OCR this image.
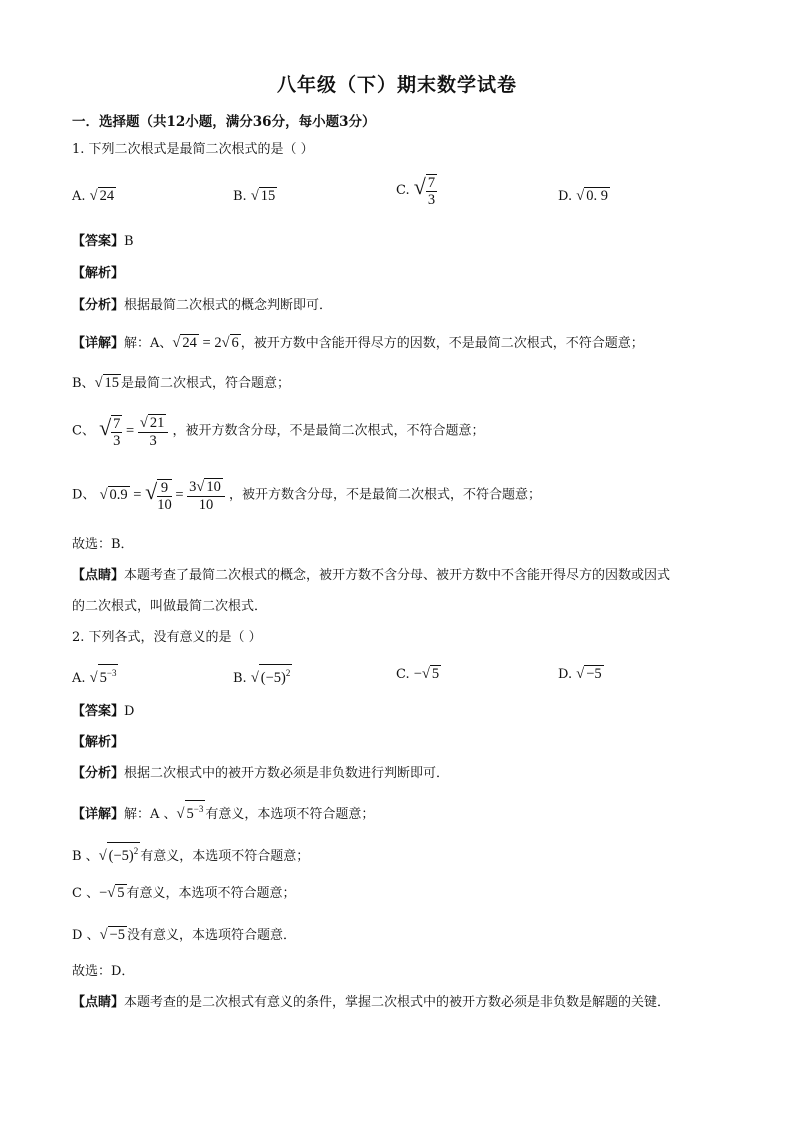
八年级（下）期末数学试卷
一．选择题（共12小题，满分36分，每小题3分）
1. 下列二次根式是最简二次根式的是（ ）
A. √ 24	B. √ 15	C. √ $\frac{7}{3}$	D. √ 0. 9
【答案】B
【解析】
【分析】根据最简二次根式的概念判断即可．
【详解】解：A、√ 24 = 2√ 6 ，被开方数中含能开得尽方的因数，不是最简二次根式，不符合题意；
B、√ 15 是最简二次根式，符合题意；
C、 √ $\frac{7}{3} = \frac{√ 21}{3}$ ，被开方数含分母，不是最简二次根式，不符合题意；
D、 √ 0.9 = √ $\frac{9}{10} = \frac{3√ 10}{10}$ ，被开方数含分母，不是最简二次根式，不符合题意；
故选：B．
【点睛】本题考查了最简二次根式的概念，被开方数不含分母、被开方数中不含能开得尽方的因数或因式
的二次根式，叫做最简二次根式．
2. 下列各式，没有意义的是（ ）
A. √ $5^{-3}$	B. √ $(-5)^2$	C. −√ 5	D. √ −5
【答案】D
【解析】
【分析】根据二次根式中的被开方数必须是非负数进行判断即可．
【详解】解：A 、√ $5^{-3}$ 有意义，本选项不符合题意；
B 、√ $(-5)^2$ 有意义，本选项不符合题意；
C 、−√ 5 有意义，本选项不符合题意；
D 、√ −5 没有意义，本选项符合题意．
故选：D．
【点睛】本题考查的是二次根式有意义的条件，掌握二次根式中的被开方数必须是非负数是解题的关键．
